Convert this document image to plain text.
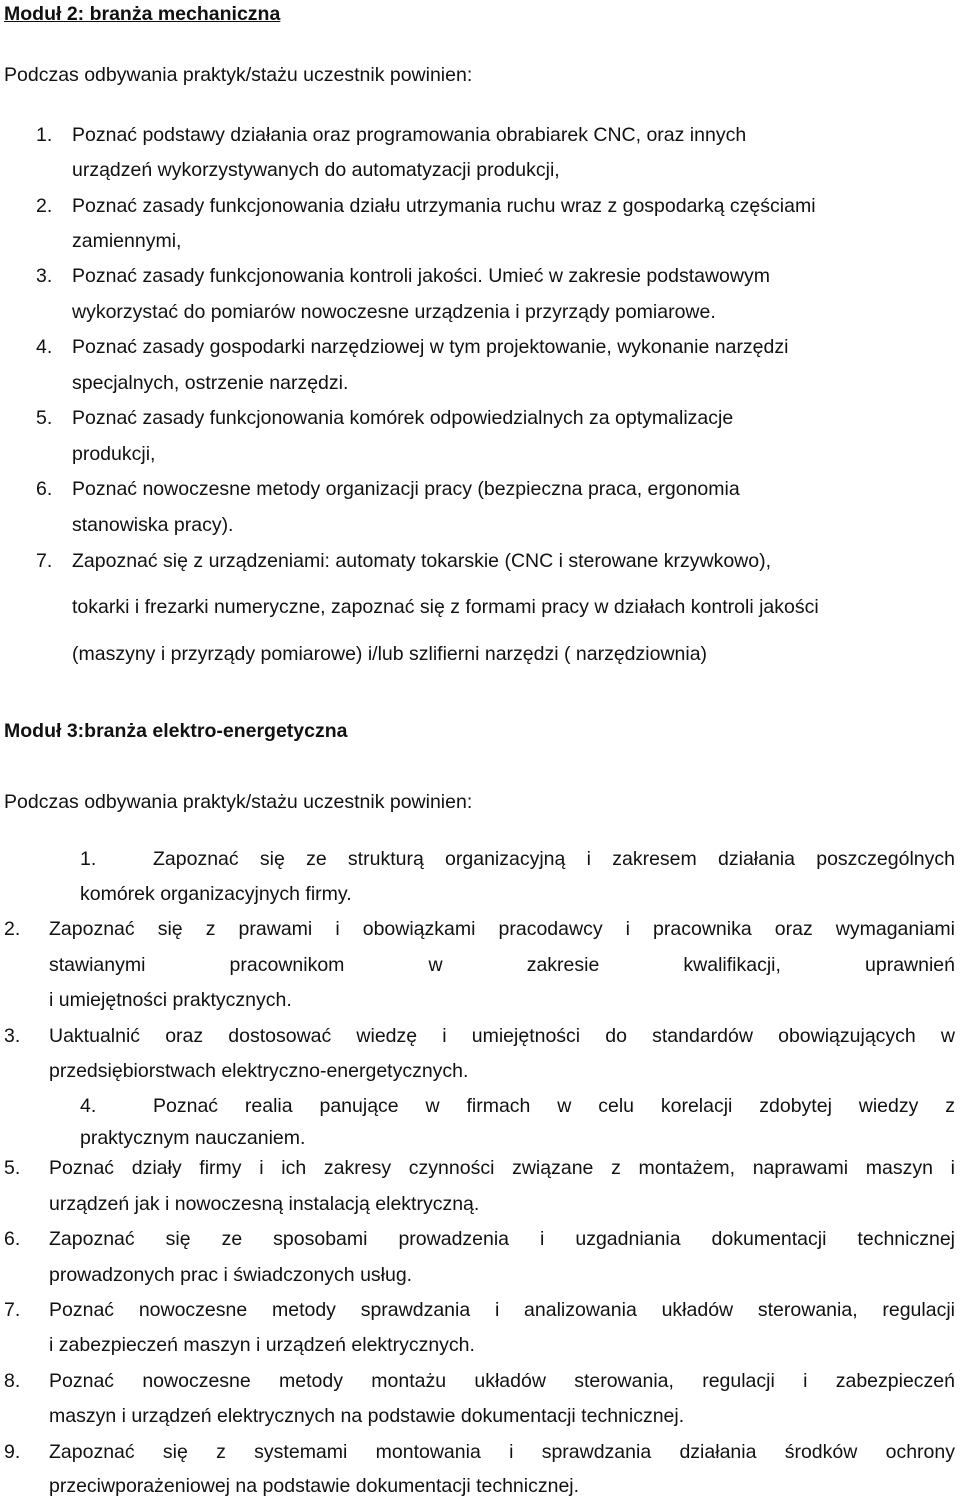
Moduł 2: branża mechaniczna
Podczas odbywania praktyk/stażu uczestnik powinien:
1. Poznać podstawy działania oraz programowania obrabiarek CNC, oraz innych
urządzeń wykorzystywanych do automatyzacji produkcji,
2. Poznać zasady funkcjonowania działu utrzymania ruchu wraz z gospodarką częściami
zamiennymi,
3. Poznać zasady funkcjonowania kontroli jakości. Umieć w zakresie podstawowym
wykorzystać do pomiarów nowoczesne urządzenia i przyrządy pomiarowe.
4. Poznać zasady gospodarki narzędziowej w tym projektowanie, wykonanie narzędzi
specjalnych, ostrzenie narzędzi.
5. Poznać zasady funkcjonowania komórek odpowiedzialnych za optymalizacje
produkcji,
6. Poznać nowoczesne metody organizacji pracy (bezpieczna praca, ergonomia
stanowiska pracy).
7. Zapoznać się z urządzeniami: automaty tokarskie (CNC i sterowane krzywkowo),
tokarki i frezarki numeryczne, zapoznać się z formami pracy w działach kontroli jakości
(maszyny i przyrządy pomiarowe) i/lub szlifierni narzędzi ( narzędziownia)
Moduł 3:branża elektro-energetyczna
Podczas odbywania praktyk/stażu uczestnik powinien:
1.	Zapoznać się ze strukturą organizacyjną i zakresem działania poszczególnych
komórek organizacyjnych firmy.
2. Zapoznać się z prawami i obowiązkami pracodawcy i pracownika oraz wymaganiami
stawianymi pracownikom w zakresie kwalifikacji, uprawnień
i umiejętności praktycznych.
3. Uaktualnić oraz dostosować wiedzę i umiejętności do standardów obowiązujących w
przedsiębiorstwach elektryczno-energetycznych.
4.	Poznać realia panujące w firmach w celu korelacji zdobytej wiedzy z
praktycznym nauczaniem.
5. Poznać działy firmy i ich zakresy czynności związane z montażem, naprawami maszyn i
urządzeń jak i nowoczesną instalacją elektryczną.
6. Zapoznać się ze sposobami prowadzenia i uzgadniania dokumentacji technicznej
prowadzonych prac i świadczonych usług.
7. Poznać nowoczesne metody sprawdzania i analizowania układów sterowania, regulacji
i zabezpieczeń maszyn i urządzeń elektrycznych.
8. Poznać nowoczesne metody montażu układów sterowania, regulacji i zabezpieczeń
maszyn i urządzeń elektrycznych na podstawie dokumentacji technicznej.
9. Zapoznać się z systemami montowania i sprawdzania działania środków ochrony
przeciwporażeniowej na podstawie dokumentacji technicznej.
